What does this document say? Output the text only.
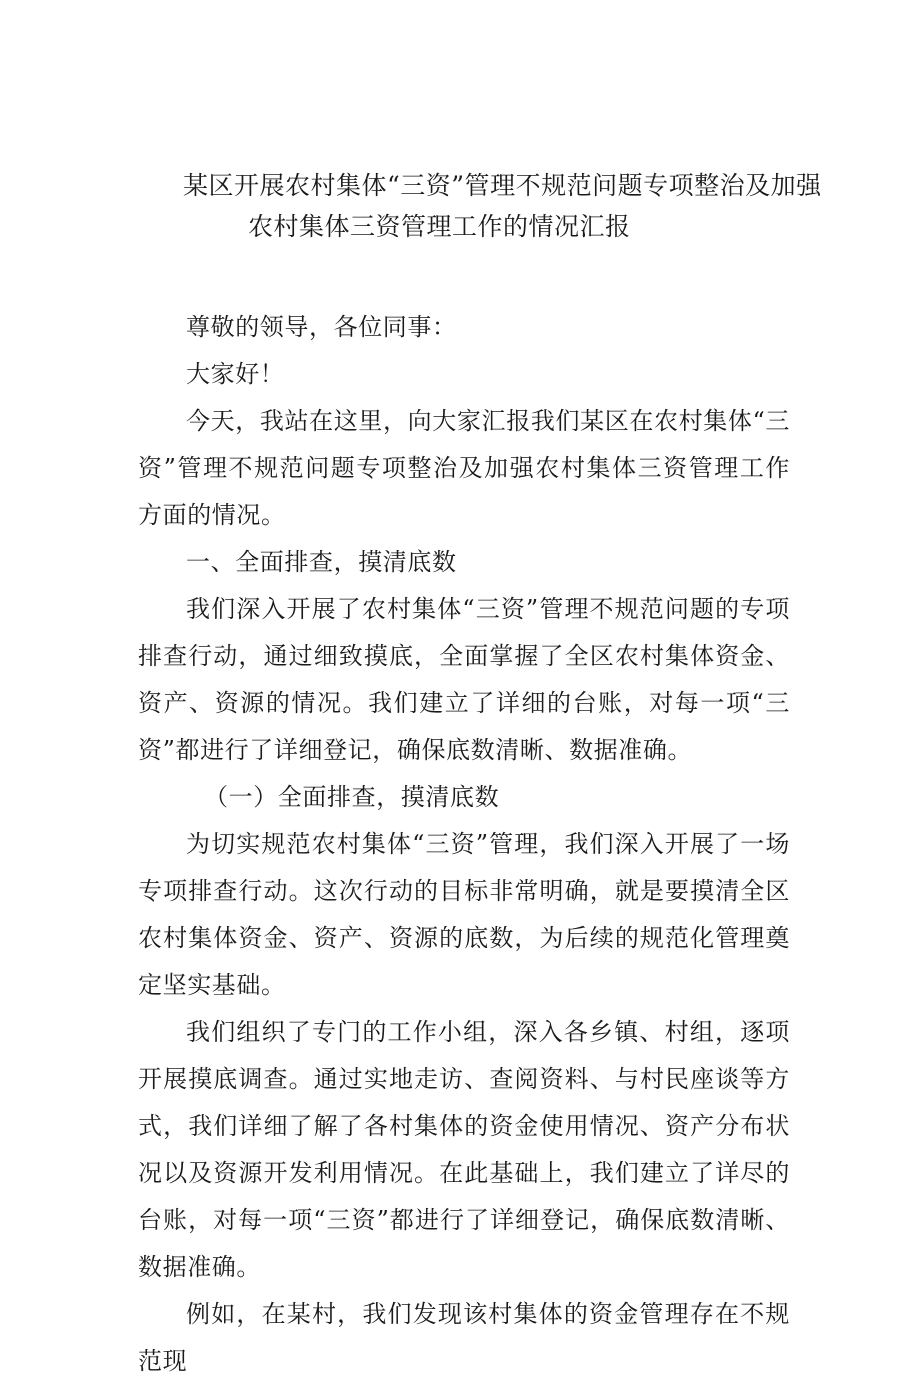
某区开展农村集体“三资”管理不规范问题专项整治及加强
农村集体三资管理工作的情况汇报

尊敬的领导，各位同事：

大家好！

今天，我站在这里，向大家汇报我们某区在农村集体“三资”管理不规范问题专项整治及加强农村集体三资管理工作方面的情况。

一、全面排查，摸清底数

我们深入开展了农村集体“三资”管理不规范问题的专项排查行动，通过细致摸底，全面掌握了全区农村集体资金、资产、资源的情况。我们建立了详细的台账，对每一项“三资”都进行了详细登记，确保底数清晰、数据准确。

（一）全面排查，摸清底数

为切实规范农村集体“三资”管理，我们深入开展了一场专项排查行动。这次行动的目标非常明确，就是要摸清全区农村集体资金、资产、资源的底数，为后续的规范化管理奠定坚实基础。

我们组织了专门的工作小组，深入各乡镇、村组，逐项开展摸底调查。通过实地走访、查阅资料、与村民座谈等方式，我们详细了解了各村集体的资金使用情况、资产分布状况以及资源开发利用情况。在此基础上，我们建立了详尽的台账，对每一项“三资”都进行了详细登记，确保底数清晰、数据准确。

例如，在某村，我们发现该村集体的资金管理存在不规范现
